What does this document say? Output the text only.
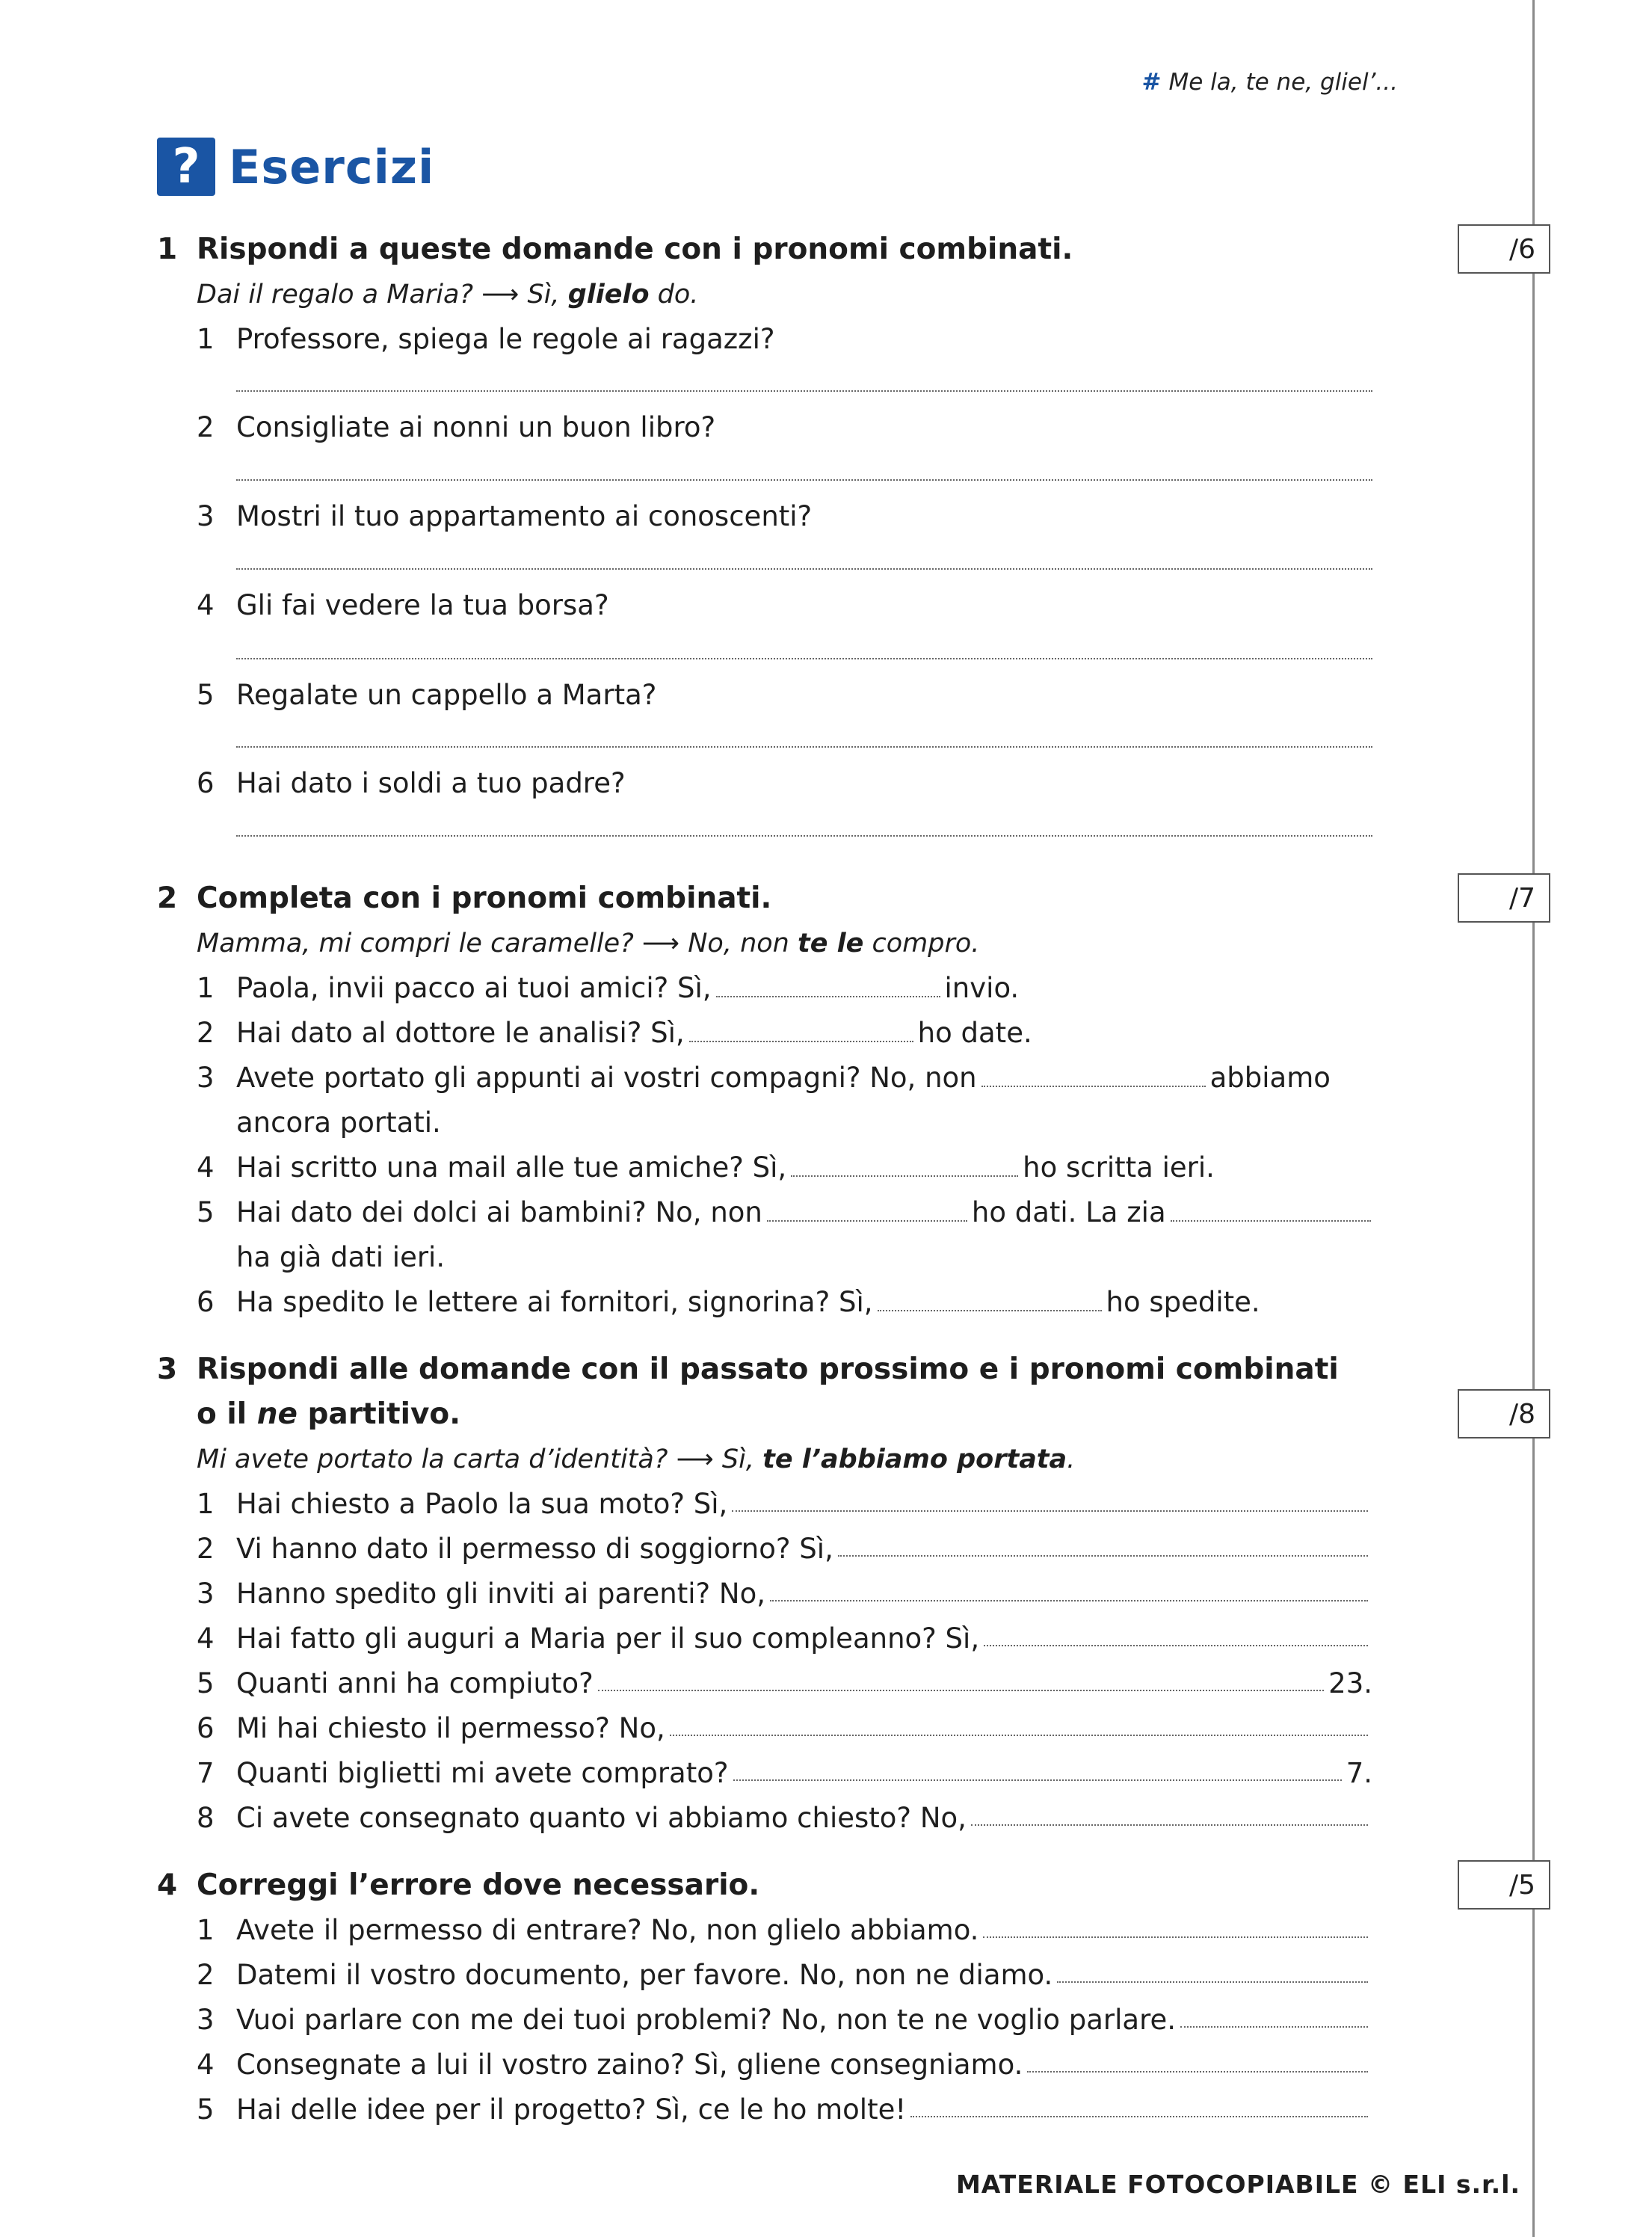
# Me la, te ne, gliel’...
? Esercizi
1 Rispondi a queste domande con i pronomi combinati.	/6
Dai il regalo a Maria? ⟶ Sì, glielo do.
1 Professore, spiega le regole ai ragazzi?
2 Consigliate ai nonni un buon libro?
3 Mostri il tuo appartamento ai conoscenti?
4 Gli fai vedere la tua borsa?
5 Regalate un cappello a Marta?
6 Hai dato i soldi a tuo padre?
2 Completa con i pronomi combinati.	/7
Mamma, mi compri le caramelle? ⟶ No, non te le compro.
1 Paola, invii pacco ai tuoi amici? Sì,	invio.
2 Hai dato al dottore le analisi? Sì,	ho date.
3 Avete portato gli appunti ai vostri compagni? No, non	abbiamo
ancora portati.
4 Hai scritto una mail alle tue amiche? Sì,	ho scritta ieri.
5 Hai dato dei dolci ai bambini? No, non	ho dati. La zia
ha già dati ieri.
6 Ha spedito le lettere ai fornitori, signorina? Sì,	ho spedite.
3 Rispondi alle domande con il passato prossimo e i pronomi combinati
o il ne partitivo.	/8
Mi avete portato la carta d’identità? ⟶ Sì, te l’abbiamo portata.
1 Hai chiesto a Paolo la sua moto? Sì,
2 Vi hanno dato il permesso di soggiorno? Sì,
3 Hanno spedito gli inviti ai parenti? No,
4 Hai fatto gli auguri a Maria per il suo compleanno? Sì,
5 Quanti anni ha compiuto?	23.
6 Mi hai chiesto il permesso? No,
7 Quanti biglietti mi avete comprato?	7.
8 Ci avete consegnato quanto vi abbiamo chiesto? No,
4 Correggi l’errore dove necessario.	/5
1 Avete il permesso di entrare? No, non glielo abbiamo.
2 Datemi il vostro documento, per favore. No, non ne diamo.
3 Vuoi parlare con me dei tuoi problemi? No, non te ne voglio parlare.
4 Consegnate a lui il vostro zaino? Sì, gliene consegniamo.
5 Hai delle idee per il progetto? Sì, ce le ho molte!
MATERIALE FOTOCOPIABILE © ELI s.r.l.
